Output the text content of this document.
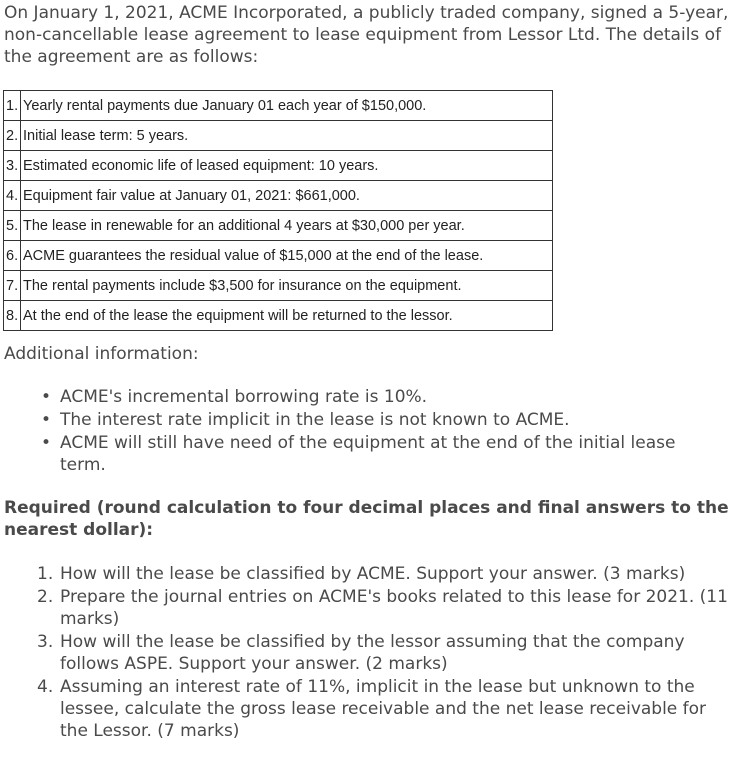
On January 1, 2021, ACME Incorporated, a publicly traded company, signed a 5-year, non-cancellable lease agreement to lease equipment from Lessor Ltd. The details of the agreement are as follows:

1.	Yearly rental payments due January 01 each year of $150,000.
2.	Initial lease term: 5 years.
3.	Estimated economic life of leased equipment: 10 years.
4.	Equipment fair value at January 01, 2021: $661,000.
5.	The lease in renewable for an additional 4 years at $30,000 per year.
6.	ACME guarantees the residual value of $15,000 at the end of the lease.
7.	The rental payments include $3,500 for insurance on the equipment.
8.	At the end of the lease the equipment will be returned to the lessor.

Additional information:

• ACME's incremental borrowing rate is 10%.
• The interest rate implicit in the lease is not known to ACME.
• ACME will still have need of the equipment at the end of the initial lease term.

Required (round calculation to four decimal places and final answers to the nearest dollar):

1. How will the lease be classified by ACME. Support your answer. (3 marks)
2. Prepare the journal entries on ACME's books related to this lease for 2021. (11 marks)
3. How will the lease be classified by the lessor assuming that the company follows ASPE. Support your answer. (2 marks)
4. Assuming an interest rate of 11%, implicit in the lease but unknown to the lessee, calculate the gross lease receivable and the net lease receivable for the Lessor. (7 marks)
